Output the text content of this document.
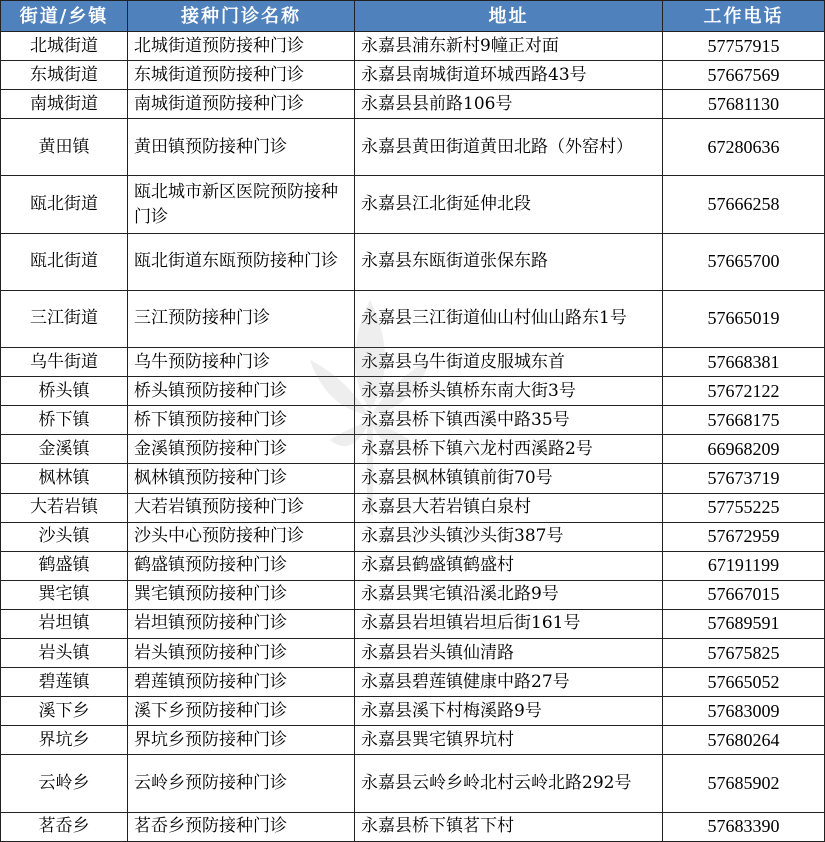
街道/乡镇	接种门诊名称	地址	工作电话
北城街道	北城街道预防接种门诊	永嘉县浦东新村9幢正对面	57757915
东城街道	东城街道预防接种门诊	永嘉县南城街道环城西路43号	57667569
南城街道	南城街道预防接种门诊	永嘉县县前路106号	57681130
黄田镇	黄田镇预防接种门诊	永嘉县黄田街道黄田北路（外窑村）	67280636
瓯北街道	瓯北城市新区医院预防接种门诊	永嘉县江北街延伸北段	57666258
瓯北街道	瓯北街道东瓯预防接种门诊	永嘉县东瓯街道张保东路	57665700
三江街道	三江预防接种门诊	永嘉县三江街道仙山村仙山路东1号	57665019
乌牛街道	乌牛预防接种门诊	永嘉县乌牛街道皮服城东首	57668381
桥头镇	桥头镇预防接种门诊	永嘉县桥头镇桥东南大街3号	57672122
桥下镇	桥下镇预防接种门诊	永嘉县桥下镇西溪中路35号	57668175
金溪镇	金溪镇预防接种门诊	永嘉县桥下镇六龙村西溪路2号	66968209
枫林镇	枫林镇预防接种门诊	永嘉县枫林镇镇前街70号	57673719
大若岩镇	大若岩镇预防接种门诊	永嘉县大若岩镇白泉村	57755225
沙头镇	沙头中心预防接种门诊	永嘉县沙头镇沙头街387号	57672959
鹤盛镇	鹤盛镇预防接种门诊	永嘉县鹤盛镇鹤盛村	67191199
巽宅镇	巽宅镇预防接种门诊	永嘉县巽宅镇沿溪北路9号	57667015
岩坦镇	岩坦镇预防接种门诊	永嘉县岩坦镇岩坦后街161号	57689591
岩头镇	岩头镇预防接种门诊	永嘉县岩头镇仙清路	57675825
碧莲镇	碧莲镇预防接种门诊	永嘉县碧莲镇健康中路27号	57665052
溪下乡	溪下乡预防接种门诊	永嘉县溪下村梅溪路9号	57683009
界坑乡	界坑乡预防接种门诊	永嘉县巽宅镇界坑村	57680264
云岭乡	云岭乡预防接种门诊	永嘉县云岭乡岭北村云岭北路292号	57685902
茗岙乡	茗岙乡预防接种门诊	永嘉县桥下镇茗下村	57683390
